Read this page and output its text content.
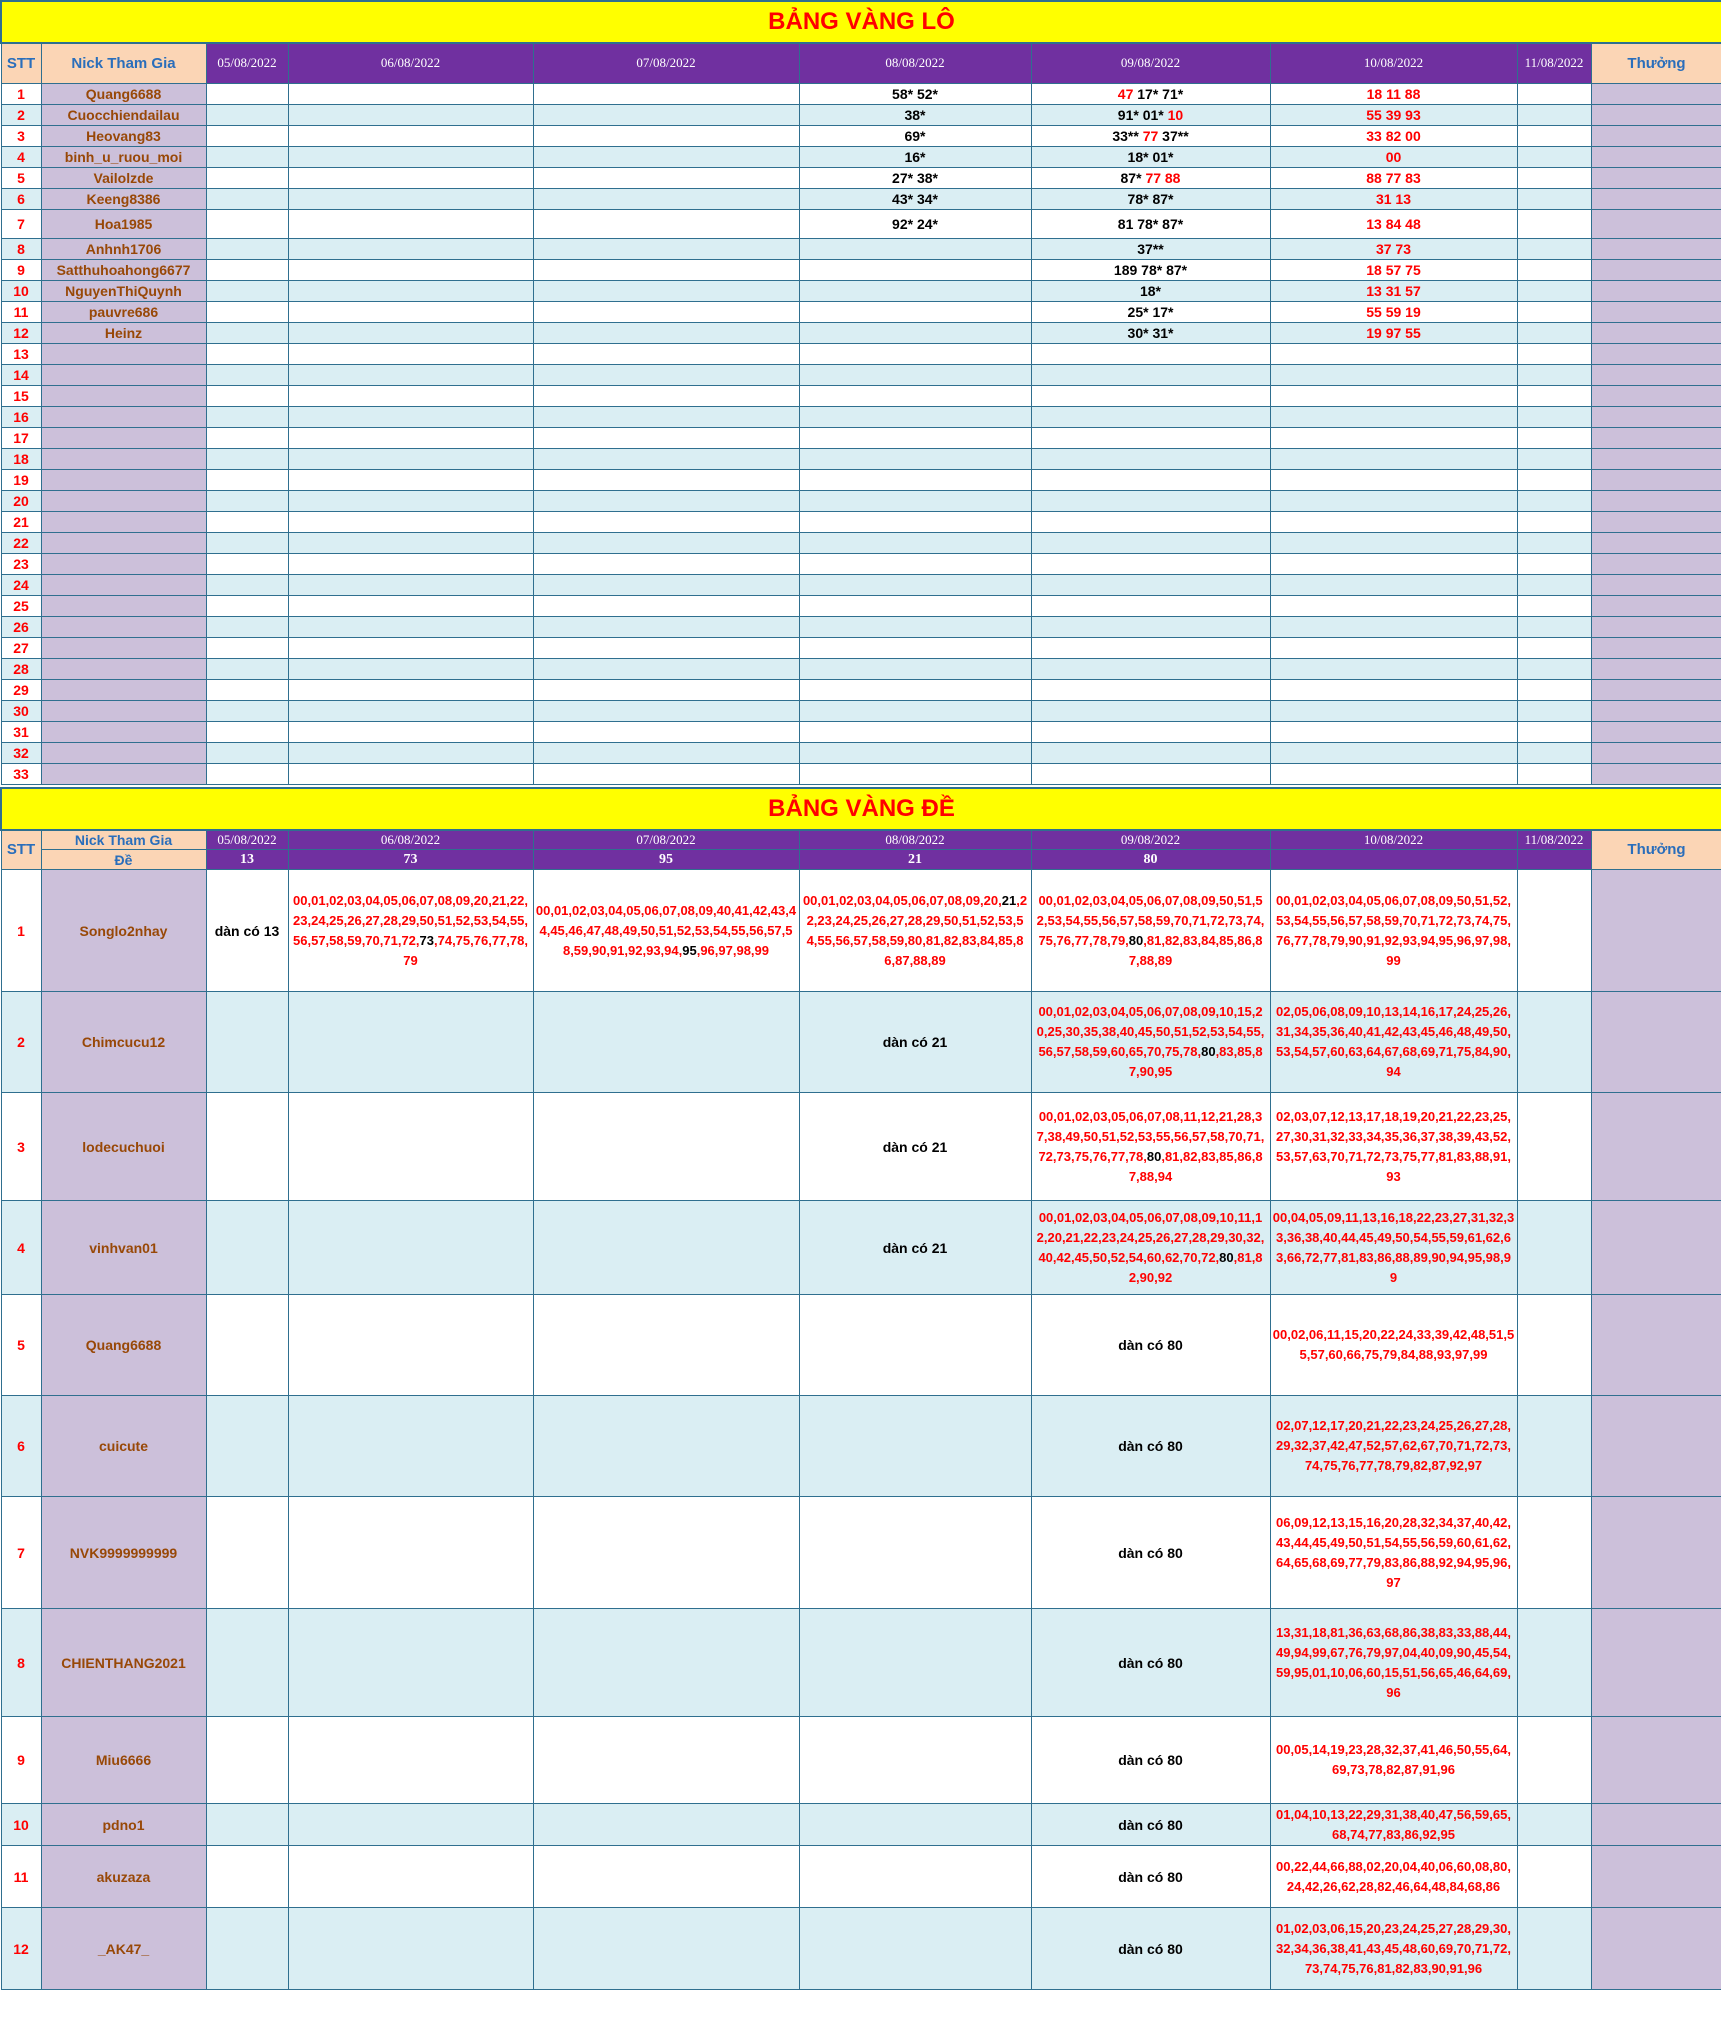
BẢNG VÀNG LÔ									
STT	Nick Tham Gia	05/08/2022	06/08/2022	07/08/2022	08/08/2022	09/08/2022	10/08/2022	11/08/2022	Thưởng
1	Quang6688				58* 52*	47 17* 71*	18 11 88		
2	Cuocchiendailau				38*	91* 01* 10	55 39 93		
3	Heovang83				69*	33** 77 37**	33 82 00		
4	binh_u_ruou_moi				16*	18* 01*	00		
5	Vailolzde				27* 38*	87* 77 88	88 77 83		
6	Keeng8386				43* 34*	78* 87*	31 13		
7	Hoa1985				92* 24*	81 78* 87*	13 84 48		
8	Anhnh1706					37**	37 73		
9	Satthuhoahong6677					189 78* 87*	18 57 75		
10	NguyenThiQuynh					18*	13 31 57		
11	pauvre686					25* 17*	55 59 19		
12	Heinz					30* 31*	19 97 55		
13									
14									
15									
16									
17									
18									
19									
20									
21									
22									
23									
24									
25									
26									
27									
28									
29									
30									
31									
32									
33									
BẢNG VÀNG ĐỀ									
STT	Nick Tham Gia	05/08/2022	06/08/2022	07/08/2022	08/08/2022	09/08/2022	10/08/2022	11/08/2022	Thưởng
	Đề	13	73	95	21	80			
1	Songlo2nhay	dàn có 13	00,01,02,03,04,05,06,07,08,09,20,21,22,23,24,25,26,27,28,29,50,51,52,53,54,55,56,57,58,59,70,71,72,73,74,75,76,77,78,79	00,01,02,03,04,05,06,07,08,09,40,41,42,43,44,45,46,47,48,49,50,51,52,53,54,55,56,57,58,59,90,91,92,93,94,95,96,97,98,99	00,01,02,03,04,05,06,07,08,09,20,21,22,23,24,25,26,27,28,29,50,51,52,53,54,55,56,57,58,59,80,81,82,83,84,85,86,87,88,89	00,01,02,03,04,05,06,07,08,09,50,51,52,53,54,55,56,57,58,59,70,71,72,73,74,75,76,77,78,79,80,81,82,83,84,85,86,87,88,89	00,01,02,03,04,05,06,07,08,09,50,51,52,53,54,55,56,57,58,59,70,71,72,73,74,75,76,77,78,79,90,91,92,93,94,95,96,97,98,99		
2	Chimcucu12				dàn có 21	00,01,02,03,04,05,06,07,08,09,10,15,20,25,30,35,38,40,45,50,51,52,53,54,55,56,57,58,59,60,65,70,75,78,80,83,85,87,90,95	02,05,06,08,09,10,13,14,16,17,24,25,26,31,34,35,36,40,41,42,43,45,46,48,49,50,53,54,57,60,63,64,67,68,69,71,75,84,90,94		
3	lodecuchuoi				dàn có 21	00,01,02,03,05,06,07,08,11,12,21,28,37,38,49,50,51,52,53,55,56,57,58,70,71,72,73,75,76,77,78,80,81,82,83,85,86,87,88,94	02,03,07,12,13,17,18,19,20,21,22,23,25,27,30,31,32,33,34,35,36,37,38,39,43,52,53,57,63,70,71,72,73,75,77,81,83,88,91,93		
4	vinhvan01				dàn có 21	00,01,02,03,04,05,06,07,08,09,10,11,12,20,21,22,23,24,25,26,27,28,29,30,32,40,42,45,50,52,54,60,62,70,72,80,81,82,90,92	00,04,05,09,11,13,16,18,22,23,27,31,32,33,36,38,40,44,45,49,50,54,55,59,61,62,63,66,72,77,81,83,86,88,89,90,94,95,98,99		
5	Quang6688					dàn có 80	00,02,06,11,15,20,22,24,33,39,42,48,51,55,57,60,66,75,79,84,88,93,97,99		
6	cuicute					dàn có 80	02,07,12,17,20,21,22,23,24,25,26,27,28,29,32,37,42,47,52,57,62,67,70,71,72,73,74,75,76,77,78,79,82,87,92,97		
7	NVK9999999999					dàn có 80	06,09,12,13,15,16,20,28,32,34,37,40,42,43,44,45,49,50,51,54,55,56,59,60,61,62,64,65,68,69,77,79,83,86,88,92,94,95,96,97		
8	CHIENTHANG2021					dàn có 80	13,31,18,81,36,63,68,86,38,83,33,88,44,49,94,99,67,76,79,97,04,40,09,90,45,54,59,95,01,10,06,60,15,51,56,65,46,64,69,96		
9	Miu6666					dàn có 80	00,05,14,19,23,28,32,37,41,46,50,55,64,69,73,78,82,87,91,96		
10	pdno1					dàn có 80	01,04,10,13,22,29,31,38,40,47,56,59,65,68,74,77,83,86,92,95		
11	akuzaza					dàn có 80	00,22,44,66,88,02,20,04,40,06,60,08,80,24,42,26,62,28,82,46,64,48,84,68,86		
12	_AK47_					dàn có 80	01,02,03,06,15,20,23,24,25,27,28,29,30,32,34,36,38,41,43,45,48,60,69,70,71,72,73,74,75,76,81,82,83,90,91,96		
